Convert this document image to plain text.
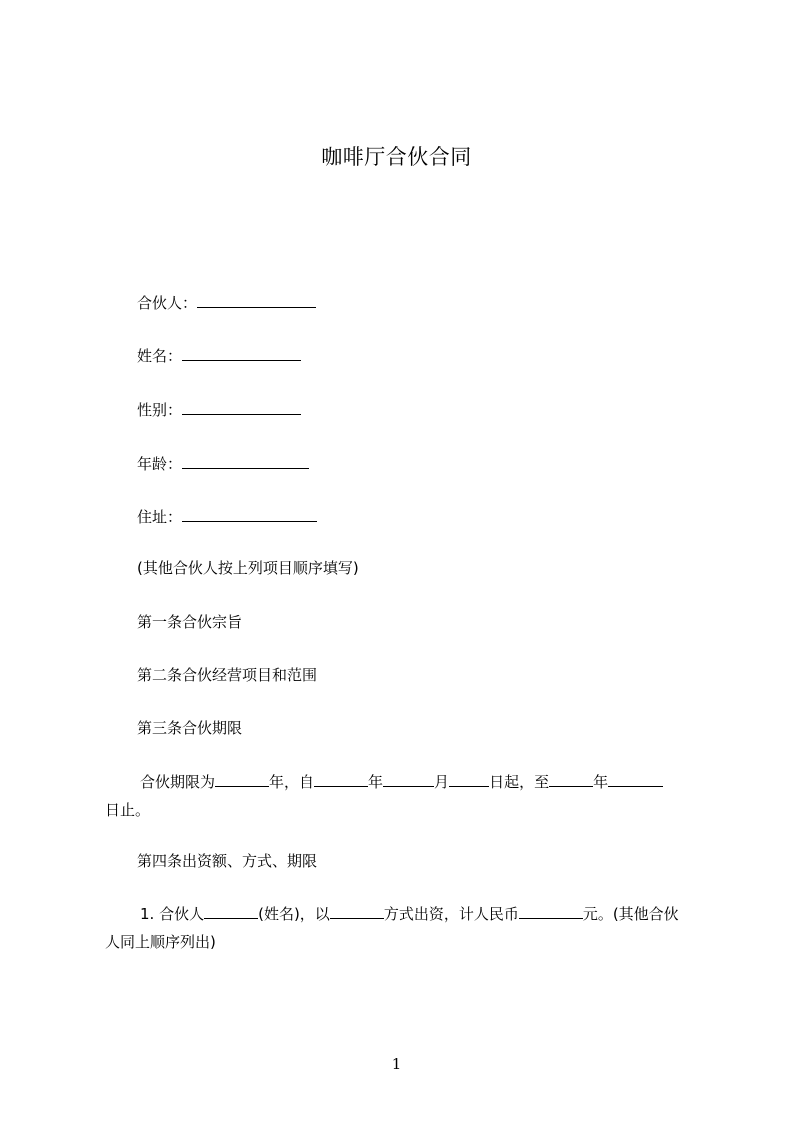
咖啡厅合伙合同
合伙人：
姓名：
性别：
年龄：
住址：
(其他合伙人按上列项目顺序填写)
第一条合伙宗旨
第二条合伙经营项目和范围
第三条合伙期限
合伙期限为	年，自	年	月	日起，至	年
日止。
第四条出资额、方式、期限
1. 合伙人	(姓名)，以	方式出资，计人民币	元。(其他合伙
人同上顺序列出)
1
